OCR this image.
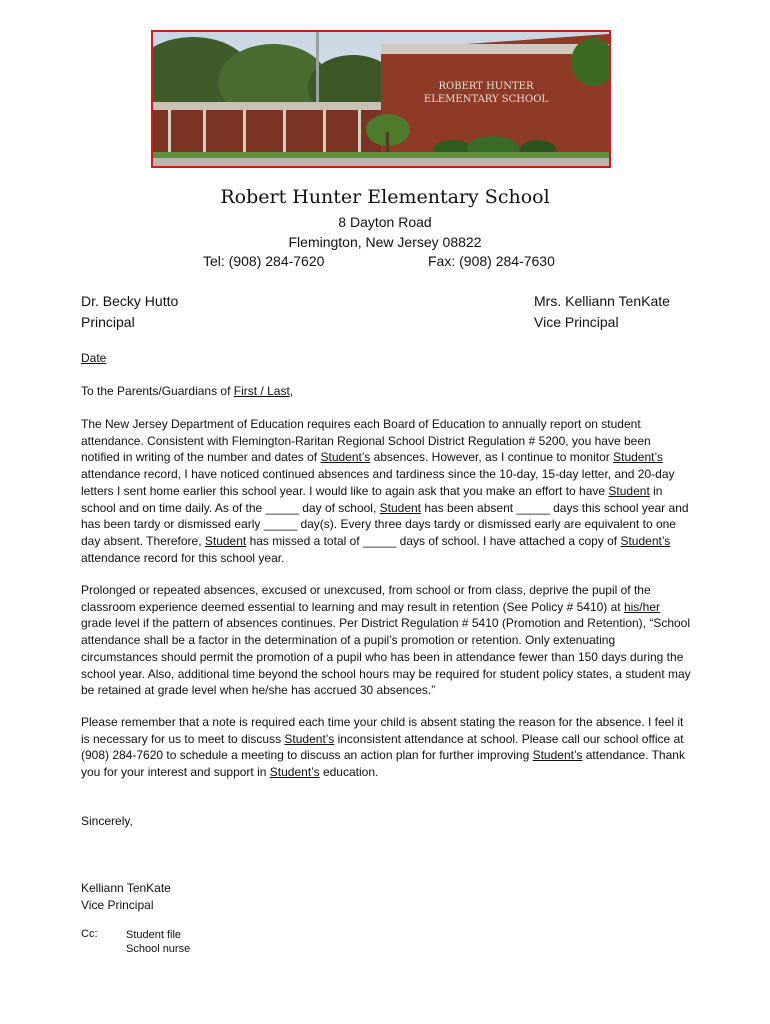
ROBERT HUNTER
ELEMENTARY SCHOOL
Robert Hunter Elementary School
8 Dayton Road
Flemington, New Jersey 08822
Tel: (908) 284-7620	Fax: (908) 284-7630
Dr. Becky Hutto
Principal
Mrs. Kelliann TenKate
Vice Principal
Date
To the Parents/Guardians of First / Last,

The New Jersey Department of Education requires each Board of Education to annually report on student attendance. Consistent with Flemington-Raritan Regional School District Regulation # 5200, you have been notified in writing of the number and dates of Student’s absences. However, as I continue to monitor Student’s attendance record, I have noticed continued absences and tardiness since the 10-day, 15-day letter, and 20-day letters I sent home earlier this school year. I would like to again ask that you make an effort to have Student in school and on time daily. As of the _____ day of school, Student has been absent _____ days this school year and has been tardy or dismissed early _____ day(s). Every three days tardy or dismissed early are equivalent to one day absent. Therefore, Student has missed a total of _____ days of school. I have attached a copy of Student’s attendance record for this school year.

Prolonged or repeated absences, excused or unexcused, from school or from class, deprive the pupil of the classroom experience deemed essential to learning and may result in retention (See Policy # 5410) at his/her grade level if the pattern of absences continues. Per District Regulation # 5410 (Promotion and Retention), “School attendance shall be a factor in the determination of a pupil’s promotion or retention. Only extenuating circumstances should permit the promotion of a pupil who has been in attendance fewer than 150 days during the school year. Also, additional time beyond the school hours may be required for student policy states, a student may be retained at grade level when he/she has accrued 30 absences.”

Please remember that a note is required each time your child is absent stating the reason for the absence. I feel it is necessary for us to meet to discuss Student’s inconsistent attendance at school. Please call our school office at (908) 284-7620 to schedule a meeting to discuss an action plan for further improving Student’s attendance. Thank you for your interest and support in Student’s education.

Sincerely,
Kelliann TenKate
Vice Principal
Cc:	Student file
School nurse
